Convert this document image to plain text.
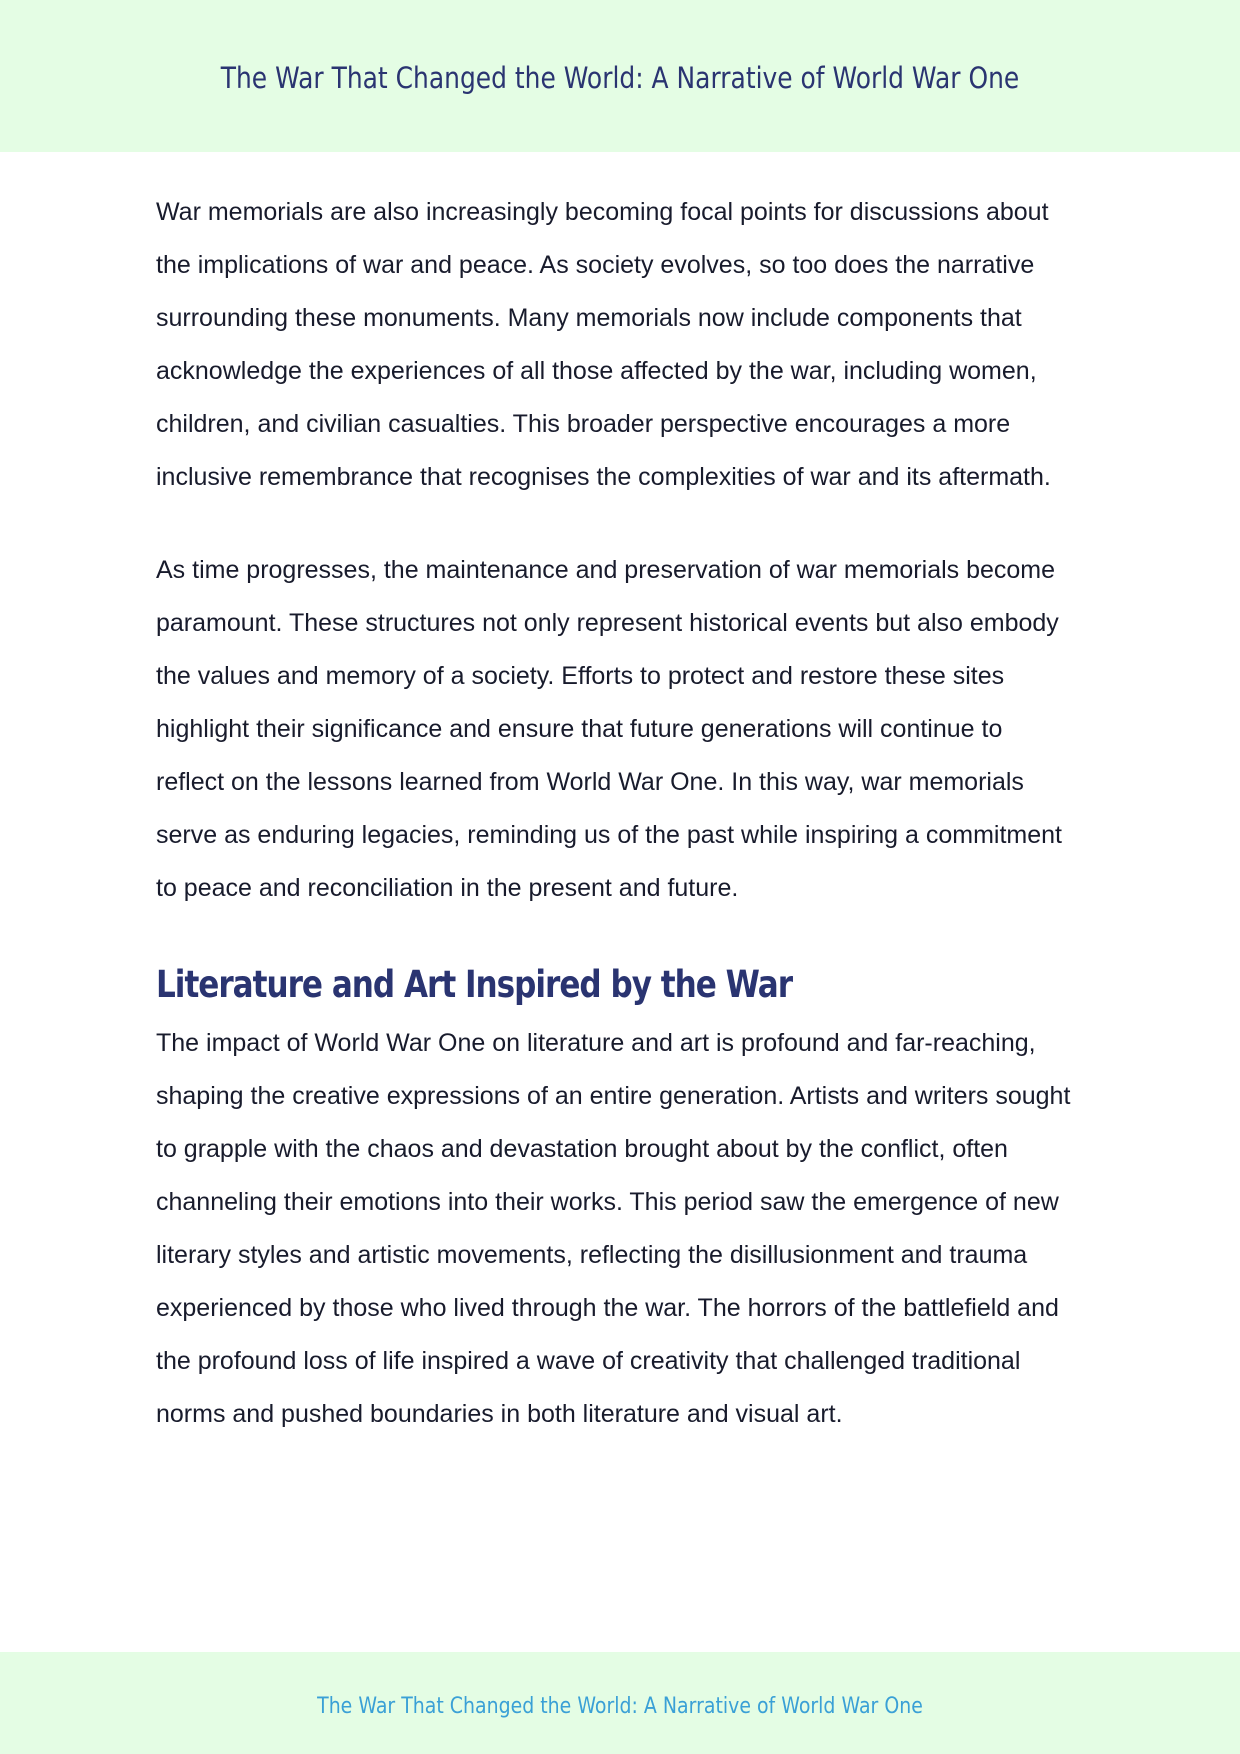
The War That Changed the World: A Narrative of World War One

War memorials are also increasingly becoming focal points for discussions about the implications of war and peace. As society evolves, so too does the narrative surrounding these monuments. Many memorials now include components that acknowledge the experiences of all those affected by the war, including women, children, and civilian casualties. This broader perspective encourages a more inclusive remembrance that recognises the complexities of war and its aftermath.

As time progresses, the maintenance and preservation of war memorials become paramount. These structures not only represent historical events but also embody the values and memory of a society. Efforts to protect and restore these sites highlight their significance and ensure that future generations will continue to reflect on the lessons learned from World War One. In this way, war memorials serve as enduring legacies, reminding us of the past while inspiring a commitment to peace and reconciliation in the present and future.

Literature and Art Inspired by the War

The impact of World War One on literature and art is profound and far-reaching, shaping the creative expressions of an entire generation. Artists and writers sought to grapple with the chaos and devastation brought about by the conflict, often channeling their emotions into their works. This period saw the emergence of new literary styles and artistic movements, reflecting the disillusionment and trauma experienced by those who lived through the war. The horrors of the battlefield and the profound loss of life inspired a wave of creativity that challenged traditional norms and pushed boundaries in both literature and visual art.

The War That Changed the World: A Narrative of World War One
